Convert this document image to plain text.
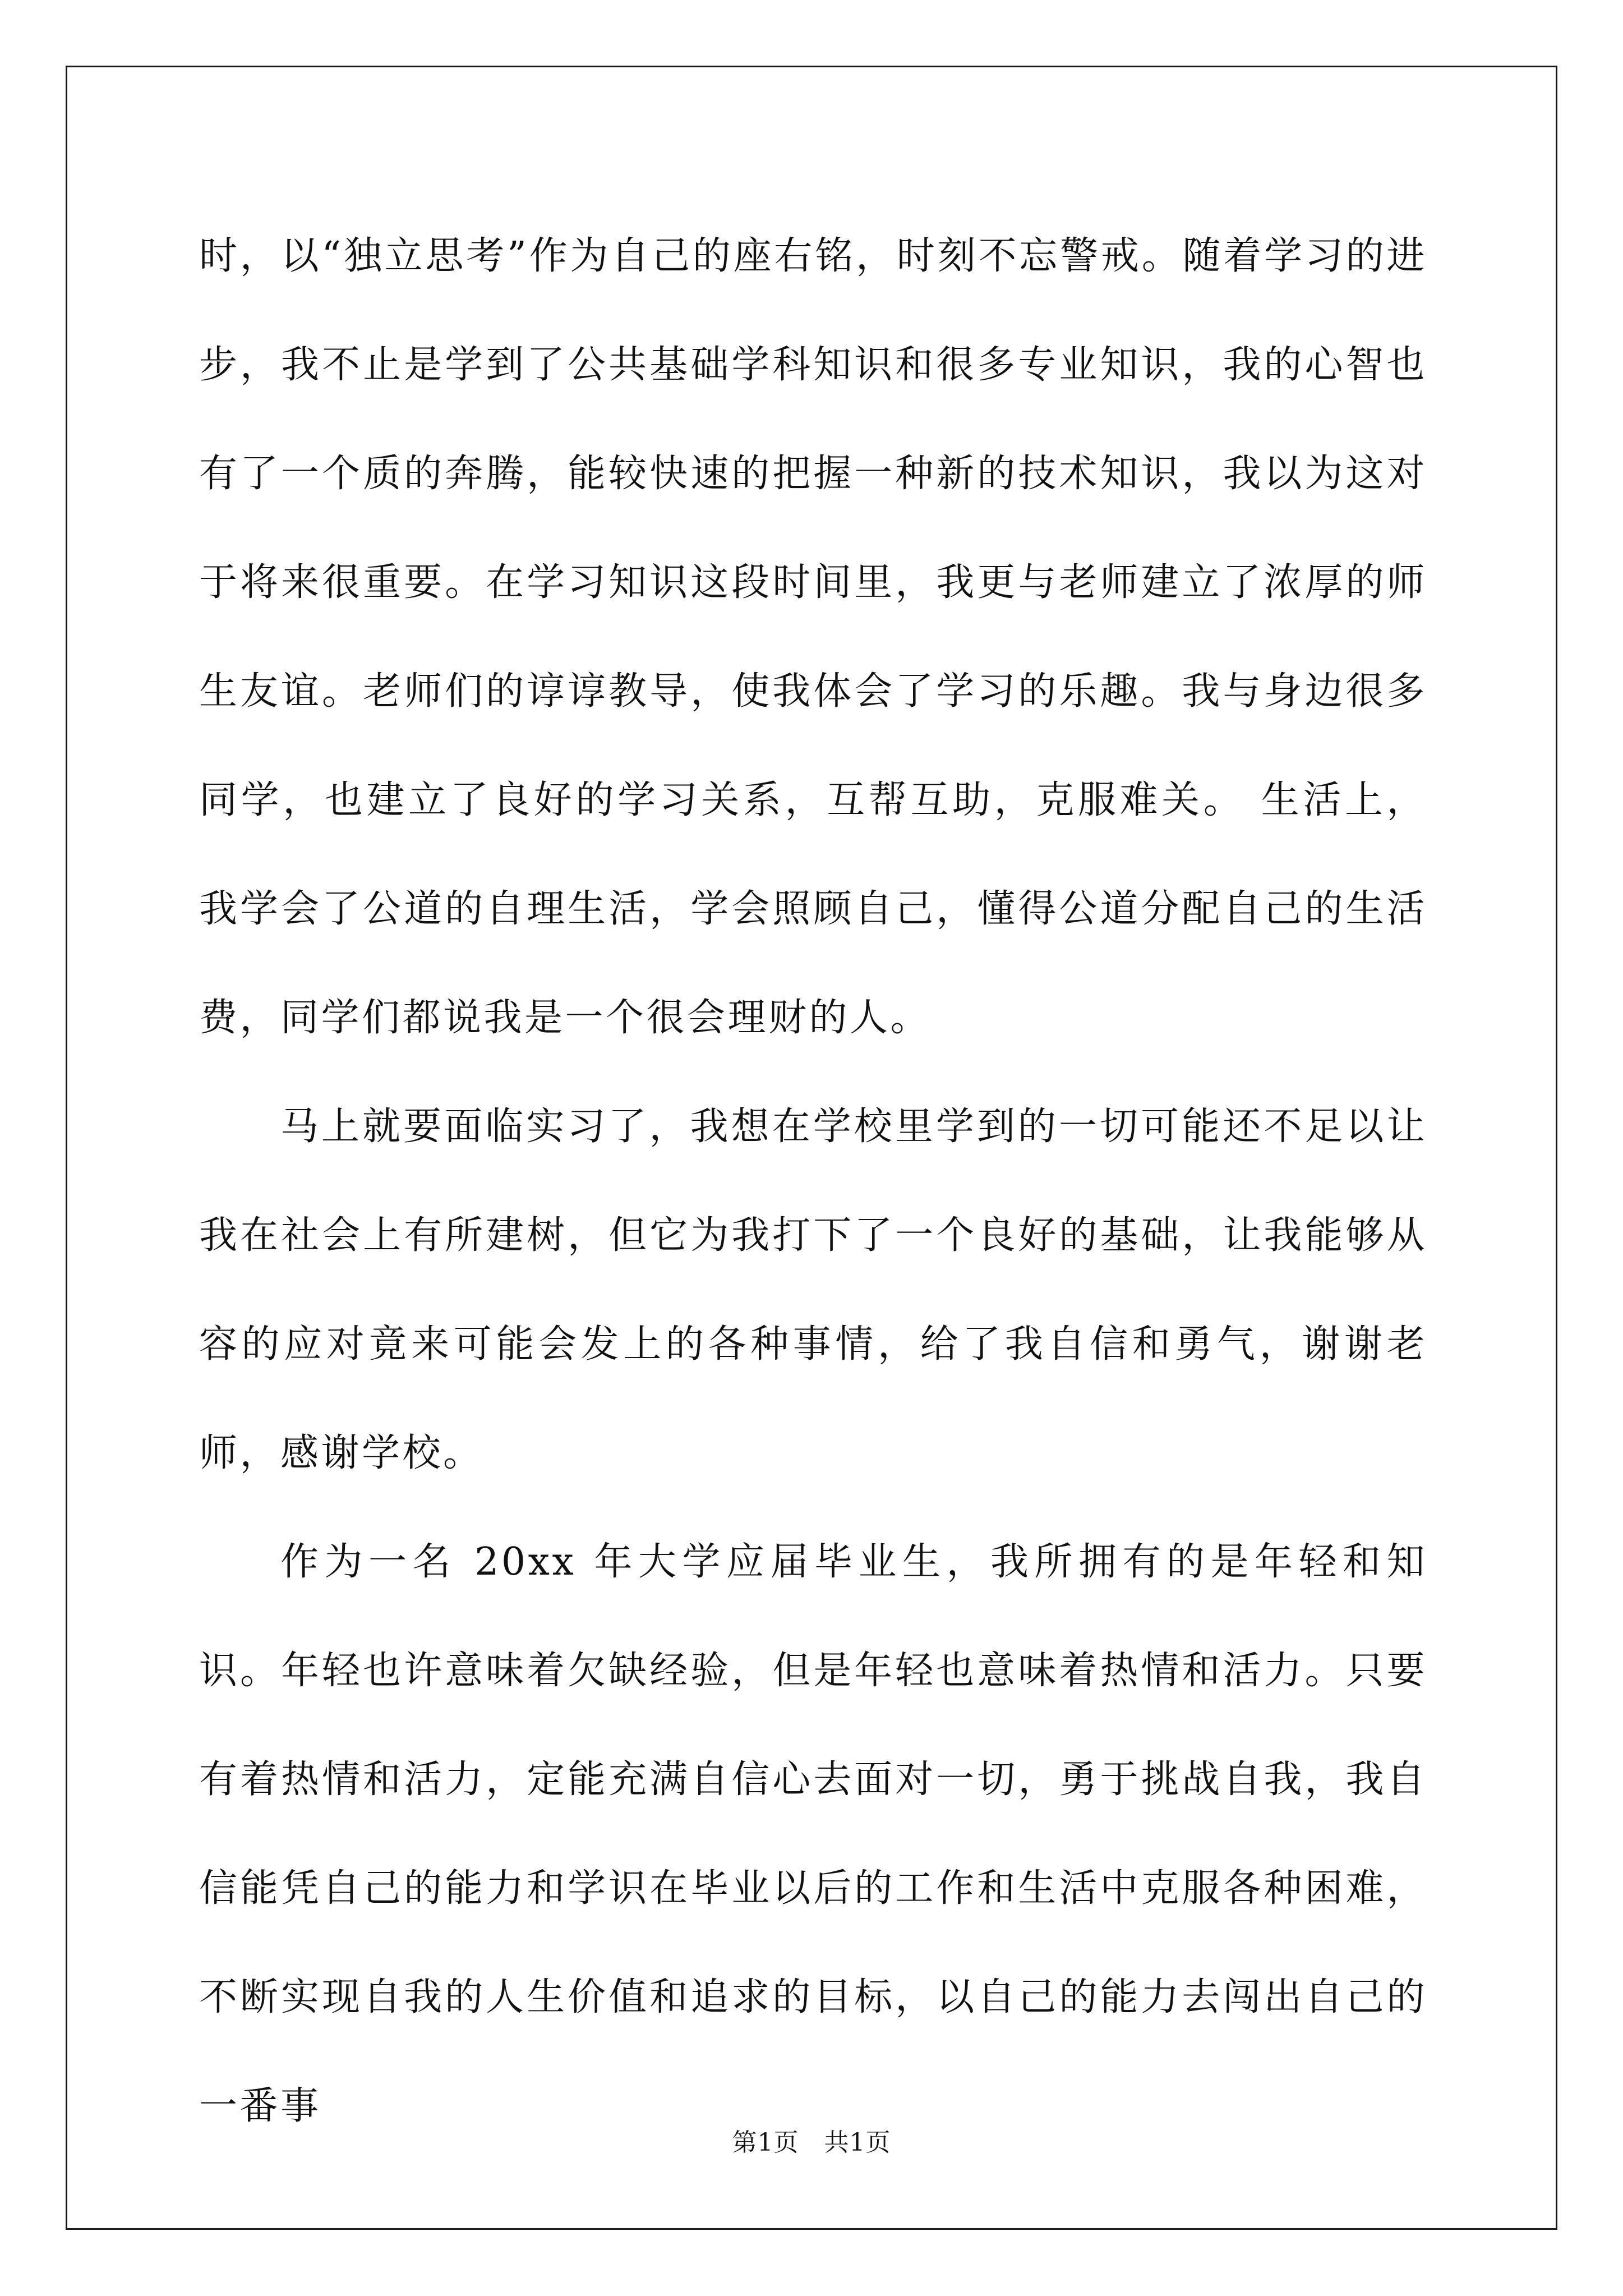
时，以“独立思考”作为自己的座右铭，时刻不忘警戒。随着学习的进步，我不止是学到了公共基础学科知识和很多专业知识，我的心智也有了一个质的奔腾，能较快速的把握一种新的技术知识，我以为这对于将来很重要。在学习知识这段时间里，我更与老师建立了浓厚的师生友谊。老师们的谆谆教导，使我体会了学习的乐趣。我与身边很多同学，也建立了良好的学习关系，互帮互助，克服难关。 生活上，我学会了公道的自理生活，学会照顾自己，懂得公道分配自己的生活费，同学们都说我是一个很会理财的人。

马上就要面临实习了，我想在学校里学到的一切可能还不足以让我在社会上有所建树，但它为我打下了一个良好的基础，让我能够从容的应对竟来可能会发上的各种事情，给了我自信和勇气，谢谢老师，感谢学校。

作为一名 20xx 年大学应届毕业生，我所拥有的是年轻和知识。年轻也许意味着欠缺经验，但是年轻也意味着热情和活力。只要有着热情和活力，定能充满自信心去面对一切，勇于挑战自我，我自信能凭自己的能力和学识在毕业以后的工作和生活中克服各种困难，不断实现自我的人生价值和追求的目标，以自己的能力去闯出自己的一番事

第1页　共1页
